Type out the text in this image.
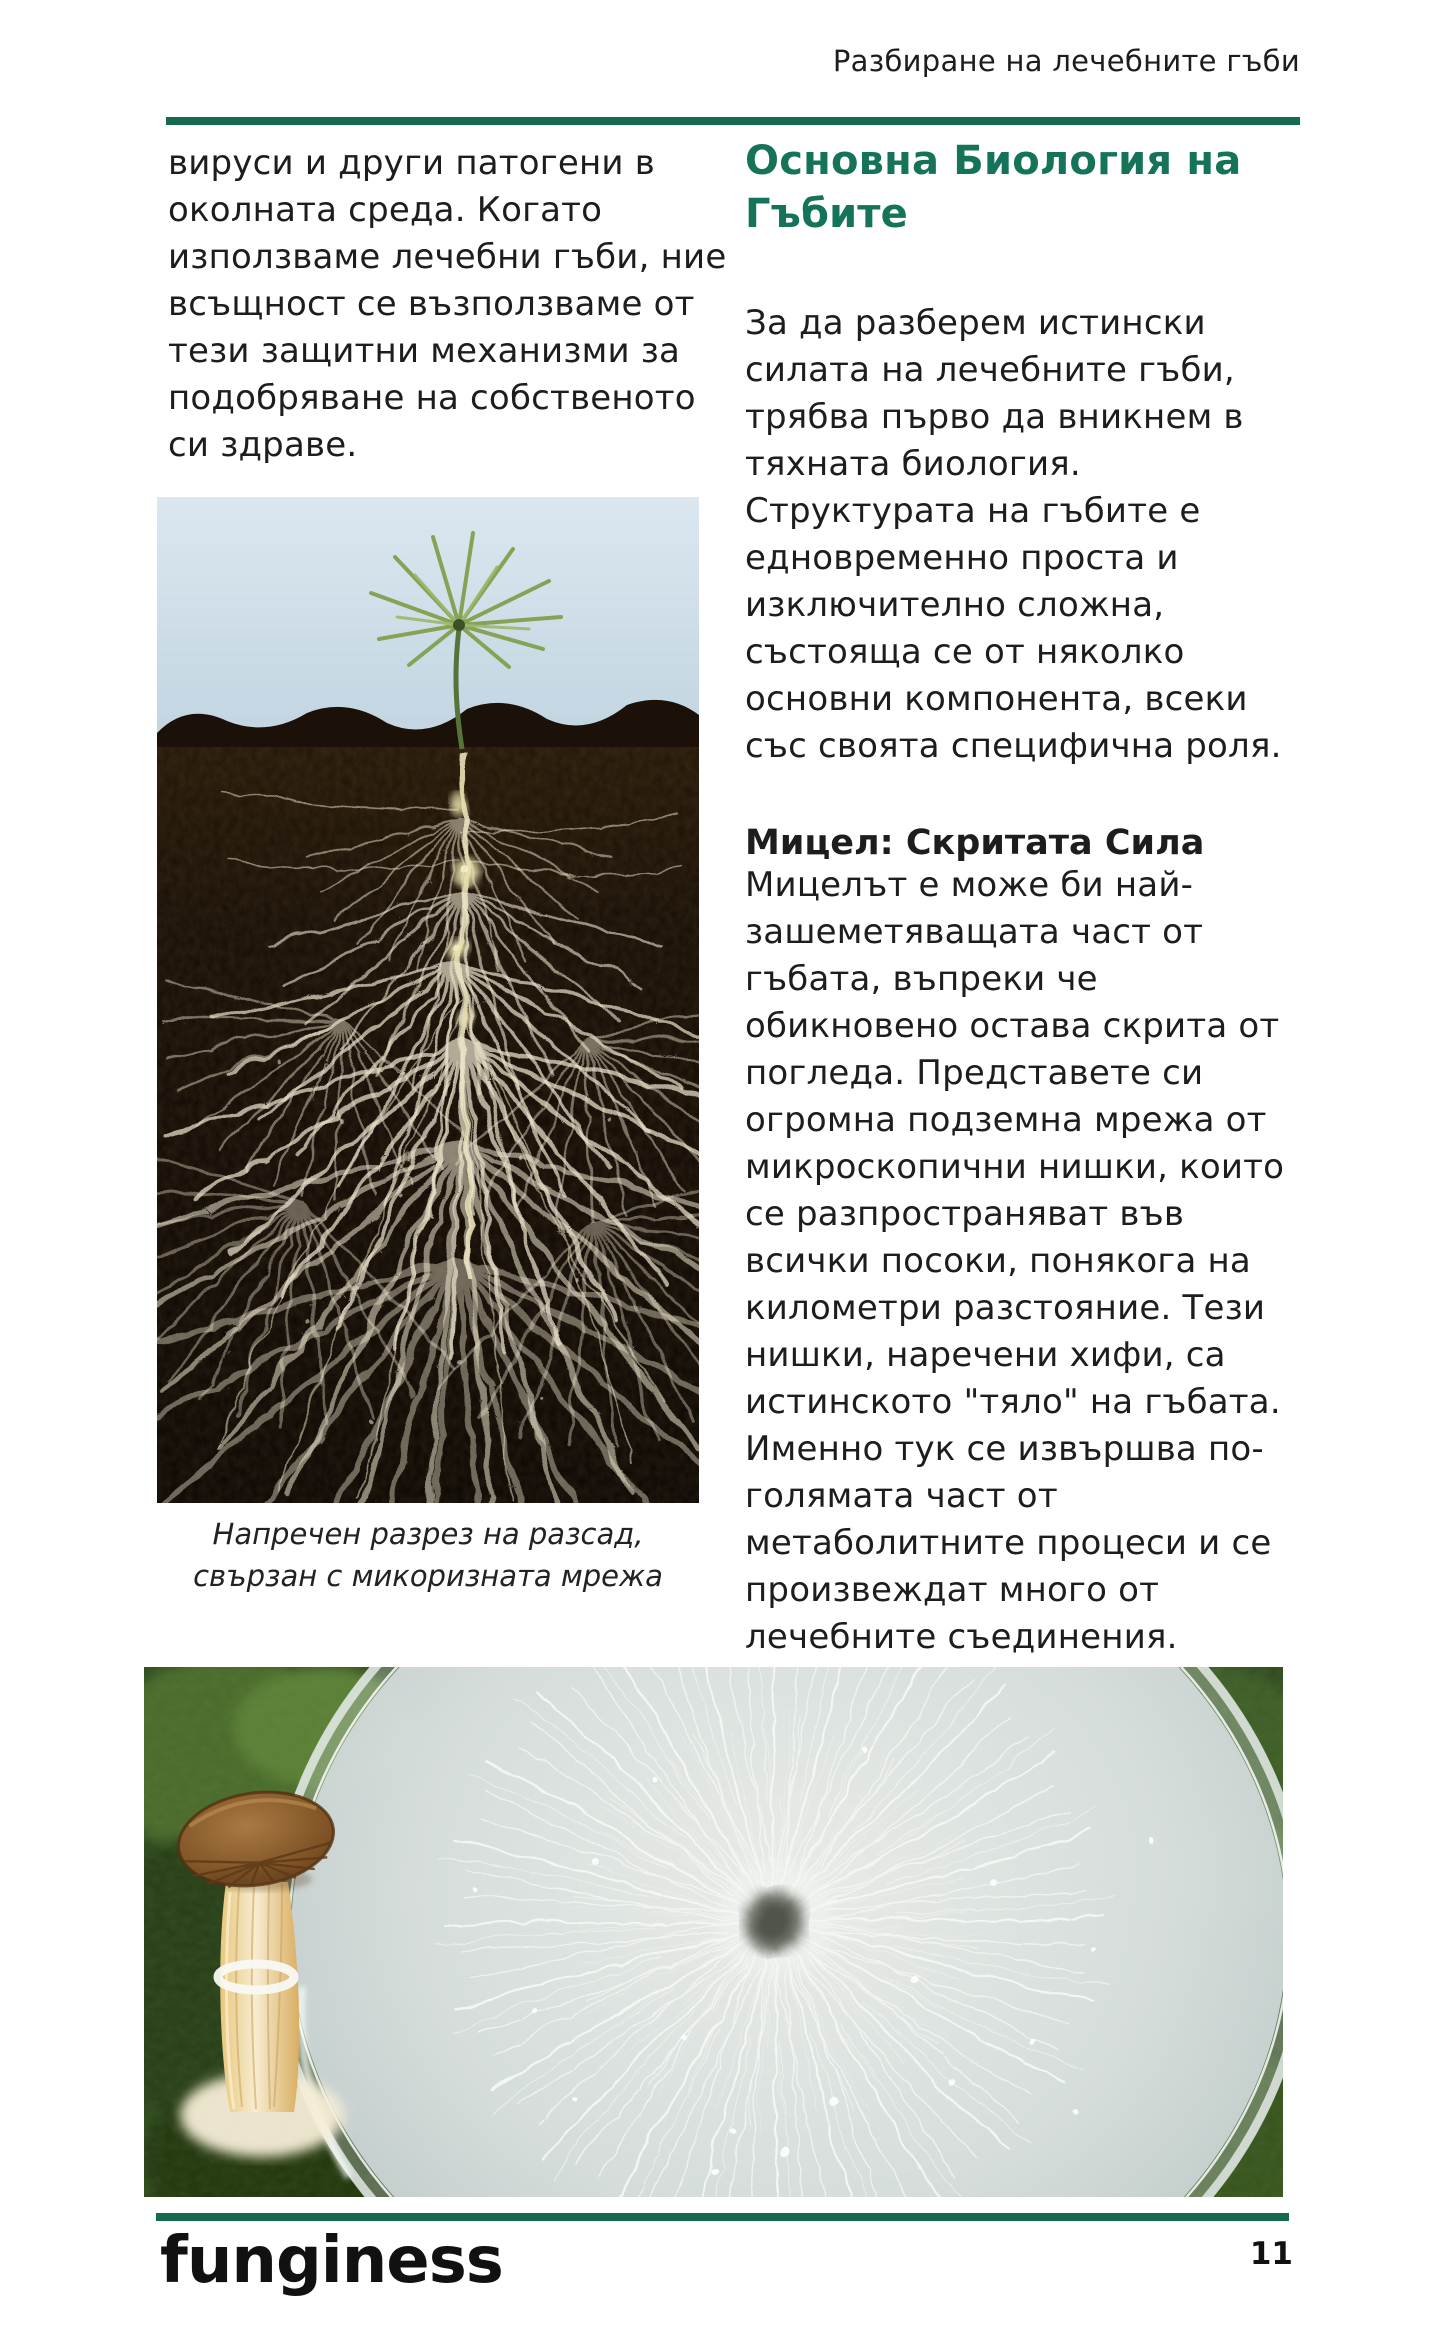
Разбиране на лечебните гъби

вируси и други патогени в околната среда. Когато използваме лечебни гъби, ние всъщност се възползваме от тези защитни механизми за подобряване на собственото си здраве.

Основна Биология на Гъбите

За да разберем истински силата на лечебните гъби, трябва първо да вникнем в тяхната биология. Структурата на гъбите е едновременно проста и изключително сложна, състояща се от няколко основни компонента, всеки със своята специфична роля.

Мицел: Скритата Сила

Мицелът е може би най-зашеметяващата част от гъбата, въпреки че обикновено остава скрита от погледа. Представете си огромна подземна мрежа от микроскопични нишки, които се разпространяват във всички посоки, понякога на километри разстояние. Тези нишки, наречени хифи, са истинското "тяло" на гъбата. Именно тук се извършва по-голямата част от метаболитните процеси и се произвеждат много от лечебните съединения.

Напречен разрез на разсад, свързан с микоризната мрежа
funginess	11
